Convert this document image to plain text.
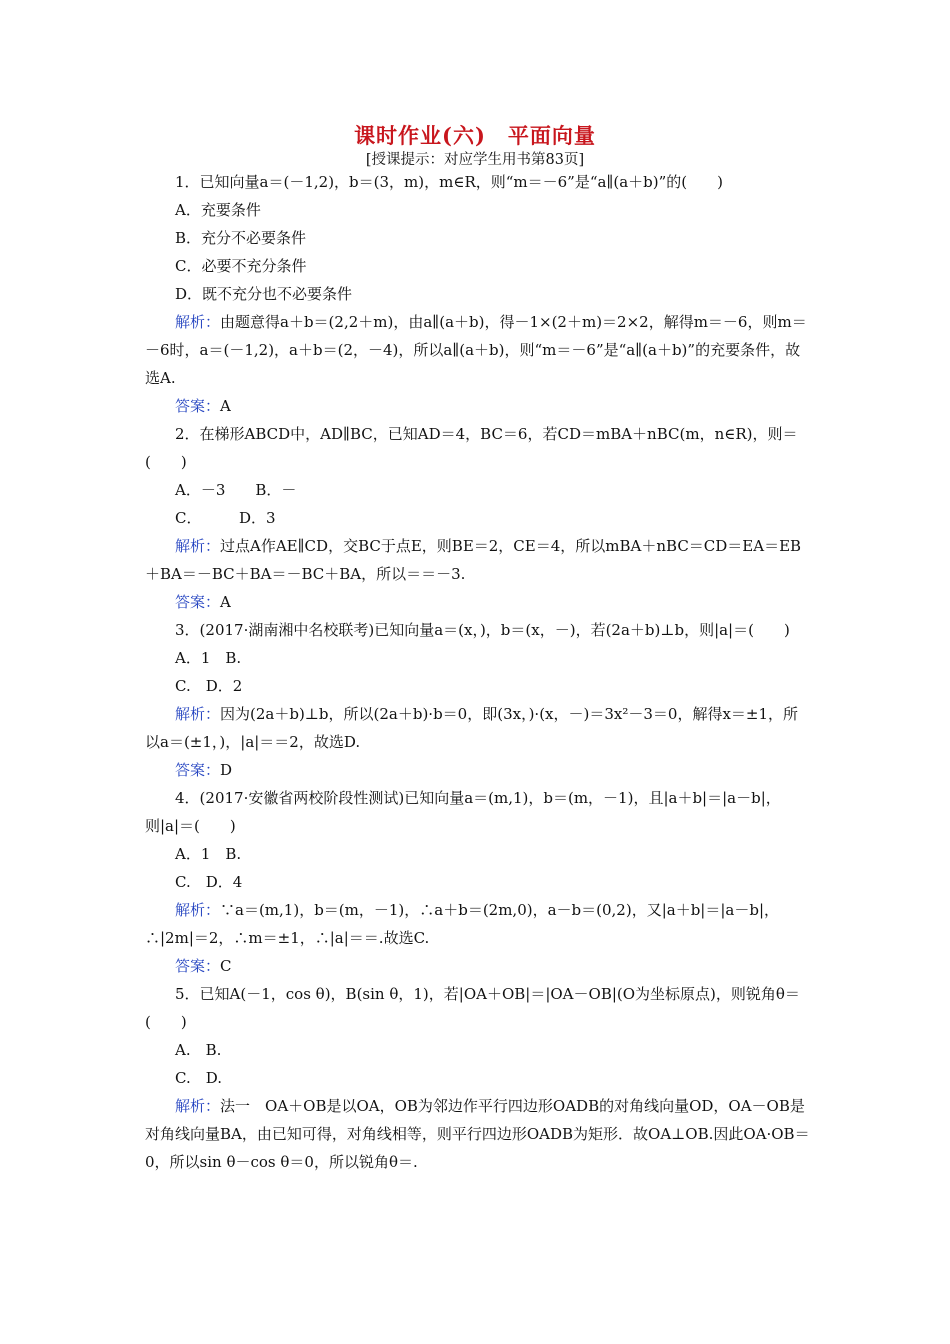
课时作业(六)　平面向量
[授课提示：对应学生用书第83页]

1．已知向量a＝(－1,2)，b＝(3，m)，m∈R，则“m＝－6”是“a∥(a＋b)”的(　　)

A．充要条件

B．充分不必要条件

C．必要不充分条件

D．既不充分也不必要条件

解析：由题意得a＋b＝(2,2＋m)，由a∥(a＋b)，得－1×(2＋m)＝2×2，解得m＝－6，则m＝－6时，a＝(－1,2)，a＋b＝(2，－4)，所以a∥(a＋b)，则“m＝－6”是“a∥(a＋b)”的充要条件，故选A.

答案：A

2．在梯形ABCD中，AD∥BC，已知AD＝4，BC＝6，若CD＝mBA＋nBC(m，n∈R)，则＝(　　)

A．－3　　B．－

C．　　　D．3

解析：过点A作AE∥CD，交BC于点E，则BE＝2，CE＝4，所以mBA＋nBC＝CD＝EA＝EB＋BA＝－BC＋BA＝－BC＋BA，所以＝＝－3.

答案：A

3．(2017·湖南湘中名校联考)已知向量a＝(x，)，b＝(x，－)，若(2a＋b)⊥b，则|a|＝(　　)

A．1　B.

C.　D．2

解析：因为(2a＋b)⊥b，所以(2a＋b)·b＝0，即(3x，)·(x，－)＝3x²－3＝0，解得x＝±1，所以a＝(±1，)，|a|＝＝2，故选D.

答案：D

4．(2017·安徽省两校阶段性测试)已知向量a＝(m,1)，b＝(m，－1)，且|a＋b|＝|a－b|，则|a|＝(　　)

A．1　B.

C.　D．4

解析：∵a＝(m,1)，b＝(m，－1)，∴a＋b＝(2m,0)，a－b＝(0,2)，又|a＋b|＝|a－b|，∴|2m|＝2，∴m＝±1，∴|a|＝＝.故选C.

答案：C

5．已知A(－1，cos θ)，B(sin θ，1)，若|OA＋OB|＝|OA－OB|(O为坐标原点)，则锐角θ＝(　　)

A.　B.

C.　D.

解析：法一　OA＋OB是以OA，OB为邻边作平行四边形OADB的对角线向量OD，OA－OB是对角线向量BA，由已知可得，对角线相等，则平行四边形OADB为矩形．故OA⊥OB.因此OA·OB＝0，所以sin θ－cos θ＝0，所以锐角θ＝.
